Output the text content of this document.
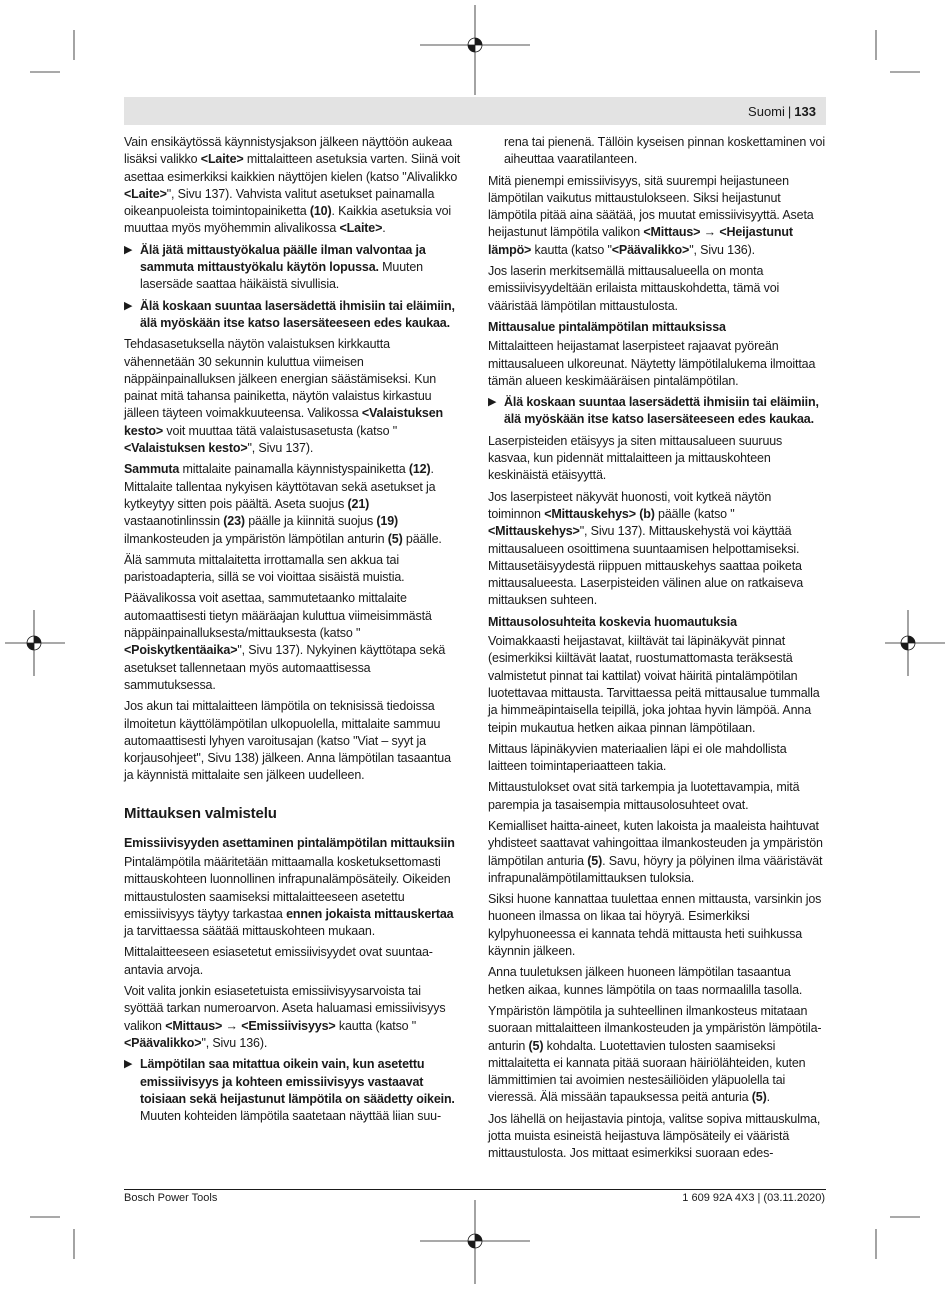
Suomi | 133

Vain ensikäytössä käynnistysjakson jälkeen näyttöön aukeaa lisäksi valikko <Laite> mittalaitteen asetuksia varten. Siinä voit asettaa esimerkiksi kaikkien näyttöjen kielen (katso "Alivalikko <Laite>", Sivu 137). Vahvista valitut asetukset painamalla oikeanpuoleista toimintopainiketta (10). Kaikkia asetuksia voi muuttaa myös myöhemmin alivalikossa <Laite>.

▶ Älä jätä mittaustyökalua päälle ilman valvontaa ja sammuta mittaustyökalu käytön lopussa. Muuten lasersäde saattaa häikäistä sivullisia.
▶ Älä koskaan suuntaa lasersädettä ihmisiin tai eläimiin, älä myöskään itse katso lasersäteeseen edes kaukaa.

Tehdasasetuksella näytön valaistuksen kirkkautta vähennetään 30 sekunnin kuluttua viimeisen näppäinpainalluksen jälkeen energian säästämiseksi. Kun painat mitä tahansa painiketta, näytön valaistus kirkastuu jälleen täyteen voimakkuuteensa. Valikossa <Valaistuksen kesto> voit muuttaa tätä valaistusasetusta (katso "<Valaistuksen kesto>", Sivu 137).

Sammuta mittalaite painamalla käynnistyspainiketta (12). Mittalaite tallentaa nykyisen käyttötavan sekä asetukset ja kytkeytyy sitten pois päältä. Aseta suojus (21) vastaanotinlinssin (23) päälle ja kiinnitä suojus (19) ilmankosteuden ja ympäristön lämpötilan anturin (5) päälle.

Älä sammuta mittalaitetta irrottamalla sen akkua tai paristoadapteria, sillä se voi vioittaa sisäistä muistia.

Päävalikossa voit asettaa, sammutetaanko mittalaite automaattisesti tietyn määräajan kuluttua viimeisimmästä näppäinpainalluksesta/mittauksesta (katso "<Poiskytkentäaika>", Sivu 137). Nykyinen käyttötapa sekä asetukset tallennetaan myös automaattisessa sammutuksessa.

Jos akun tai mittalaitteen lämpötila on teknisissä tiedoissa ilmoitetun käyttölämpötilan ulkopuolella, mittalaite sammuu automaattisesti lyhyen varoitusajan (katso "Viat – syyt ja korjausohjeet", Sivu 138) jälkeen. Anna lämpötilan tasaantua ja käynnistä mittalaite sen jälkeen uudelleen.

Mittauksen valmistelu
Emissiivisyyden asettaminen pintalämpötilan mittauksiin

Pintalämpötila määritetään mittaamalla kosketuksettomasti mittauskohteen luonnollinen infrapunalämpösäteily. Oikeiden mittaustulosten saamiseksi mittalaitteeseen asetettu emissiivisyys täytyy tarkastaa ennen jokaista mittauskertaa ja tarvittaessa säätää mittauskohteen mukaan.

Mittalaitteeseen esiasetetut emissiivisyydet ovat suuntaa-antavia arvoja.

Voit valita jonkin esiasetetuista emissiivisyysarvoista tai syöttää tarkan numeroarvon. Aseta haluamasi emissiivisyys valikon <Mittaus> → <Emissiivisyys> kautta (katso "<Päävalikko>", Sivu 136).

▶ Lämpötilan saa mitattua oikein vain, kun asetettu emissiivisyys ja kohteen emissiivisyys vastaavat toisiaan sekä heijastunut lämpötila on säädetty oikein. Muuten kohteiden lämpötila saatetaan näyttää liian suu-

rena tai pienenä. Tällöin kyseisen pinnan koskettaminen voi aiheuttaa vaaratilanteen.

Mitä pienempi emissiivisyys, sitä suurempi heijastuneen lämpötilan vaikutus mittaustulokseen. Siksi heijastunut lämpötila pitää aina säätää, jos muutat emissiivisyyttä. Aseta heijastunut lämpötila valikon <Mittaus> → <Heijastunut lämpö> kautta (katso "<Päävalikko>", Sivu 136).

Jos laserin merkitsemällä mittausalueella on monta emissiivisyydeltään erilaista mittauskohdetta, tämä voi vääristää lämpötilan mittaustulosta.

Mittausalue pintalämpötilan mittauksissa

Mittalaitteen heijastamat laserpisteet rajaavat pyöreän mittausalueen ulkoreunat. Näytetty lämpötilalukema ilmoittaa tämän alueen keskimääräisen pintalämpötilan.

▶ Älä koskaan suuntaa lasersädettä ihmisiin tai eläimiin, älä myöskään itse katso lasersäteeseen edes kaukaa.

Laserpisteiden etäisyys ja siten mittausalueen suuruus kasvaa, kun pidennät mittalaitteen ja mittauskohteen keskinäistä etäisyyttä.

Jos laserpisteet näkyvät huonosti, voit kytkeä näytön toiminnon <Mittauskehys> (b) päälle (katso "<Mittauskehys>", Sivu 137). Mittauskehystä voi käyttää mittausalueen osoittimena suuntaamisen helpottamiseksi. Mittausetäisyydestä riippuen mittauskehys saattaa poiketa mittausalueesta. Laserpisteiden välinen alue on ratkaiseva mittauksen suhteen.

Mittausolosuhteita koskevia huomautuksia

Voimakkaasti heijastavat, kiiltävät tai läpinäkyvät pinnat (esimerkiksi kiiltävät laatat, ruostumattomasta teräksestä valmistetut pinnat tai kattilat) voivat häiritä pintalämpötilan luotettavaa mittausta. Tarvittaessa peitä mittausalue tummalla ja himmeäpintaisella teipillä, joka johtaa hyvin lämpöä. Anna teipin mukautua hetken aikaa pinnan lämpötilaan.

Mittaus läpinäkyvien materiaalien läpi ei ole mahdollista laitteen toimintaperiaatteen takia.

Mittaustulokset ovat sitä tarkempia ja luotettavampia, mitä parempia ja tasaisempia mittausolosuhteet ovat.

Kemialliset haitta-aineet, kuten lakoista ja maaleista haihtuvat yhdisteet saattavat vahingoittaa ilmankosteuden ja ympäristön lämpötilan anturia (5). Savu, höyry ja pölyinen ilma vääristävät infrapunalämpötilamittauksen tuloksia.

Siksi huone kannattaa tuulettaa ennen mittausta, varsinkin jos huoneen ilmassa on likaa tai höyryä. Esimerkiksi kylpyhuoneessa ei kannata tehdä mittausta heti suihkussa käynnin jälkeen.

Anna tuuletuksen jälkeen huoneen lämpötilan tasaantua hetken aikaa, kunnes lämpötila on taas normaalilla tasolla.

Ympäristön lämpötila ja suhteellinen ilmankosteus mitataan suoraan mittalaitteen ilmankosteuden ja ympäristön lämpötila-anturin (5) kohdalta. Luotettavien tulosten saamiseksi mittalaitetta ei kannata pitää suoraan häiriölähteiden, kuten lämmittimien tai avoimien nestesäiliöiden yläpuolella tai vieressä. Älä missään tapauksessa peitä anturia (5).

Jos lähellä on heijastavia pintoja, valitse sopiva mittauskulma, jotta muista esineistä heijastuva lämpösäteily ei vääristä mittaustulosta. Jos mittaat esimerkiksi suoraan edes-

Bosch Power Tools	1 609 92A 4X3 | (03.11.2020)
